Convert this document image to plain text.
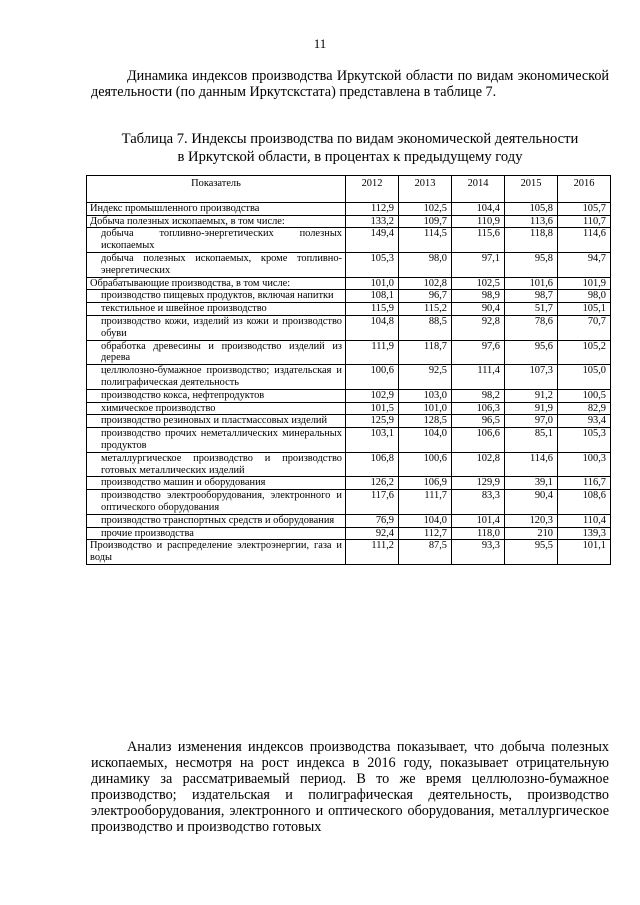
11
Динамика индексов производства Иркутской области по видам экономической деятельности (по данным Иркутскстата) представлена в таблице 7.
Таблица 7. Индексы производства по видам экономической деятельности
в Иркутской области, в процентах к предыдущему году
Показатель	2012	2013	2014	2015	2016
Индекс промышленного производства	112,9	102,5	104,4	105,8	105,7
Добыча полезных ископаемых, в том числе:	133,2	109,7	110,9	113,6	110,7
добыча топливно-энергетических полезных ископаемых	149,4	114,5	115,6	118,8	114,6
добыча полезных ископаемых, кроме топливно-энергетических	105,3	98,0	97,1	95,8	94,7
Обрабатывающие производства, в том числе:	101,0	102,8	102,5	101,6	101,9
производство пищевых продуктов, включая напитки	108,1	96,7	98,9	98,7	98,0
текстильное и швейное производство	115,9	115,2	90,4	51,7	105,1
производство кожи, изделий из кожи и производство обуви	104,8	88,5	92,8	78,6	70,7
обработка древесины и производство изделий из дерева	111,9	118,7	97,6	95,6	105,2
целлюлозно-бумажное производство; издательская и полиграфическая деятельность	100,6	92,5	111,4	107,3	105,0
производство кокса, нефтепродуктов	102,9	103,0	98,2	91,2	100,5
химическое производство	101,5	101,0	106,3	91,9	82,9
производство резиновых и пластмассовых изделий	125,9	128,5	96,5	97,0	93,4
производство прочих неметаллических минеральных продуктов	103,1	104,0	106,6	85,1	105,3
металлургическое производство и производство готовых металлических изделий	106,8	100,6	102,8	114,6	100,3
производство машин и оборудования	126,2	106,9	129,9	39,1	116,7
производство электрооборудования, электронного и оптического оборудования	117,6	111,7	83,3	90,4	108,6
производство транспортных средств и оборудования	76,9	104,0	101,4	120,3	110,4
прочие производства	92,4	112,7	118,0	210	139,3
Производство и распределение электроэнергии, газа и воды	111,2	87,5	93,3	95,5	101,1
Анализ изменения индексов производства показывает, что добыча полезных ископаемых, несмотря на рост индекса в 2016 году, показывает отрицательную динамику за рассматриваемый период. В то же время целлюлозно-бумажное производство; издательская и полиграфическая деятельность, производство электрооборудования, электронного и оптического оборудования, металлургическое производство и производство готовых
